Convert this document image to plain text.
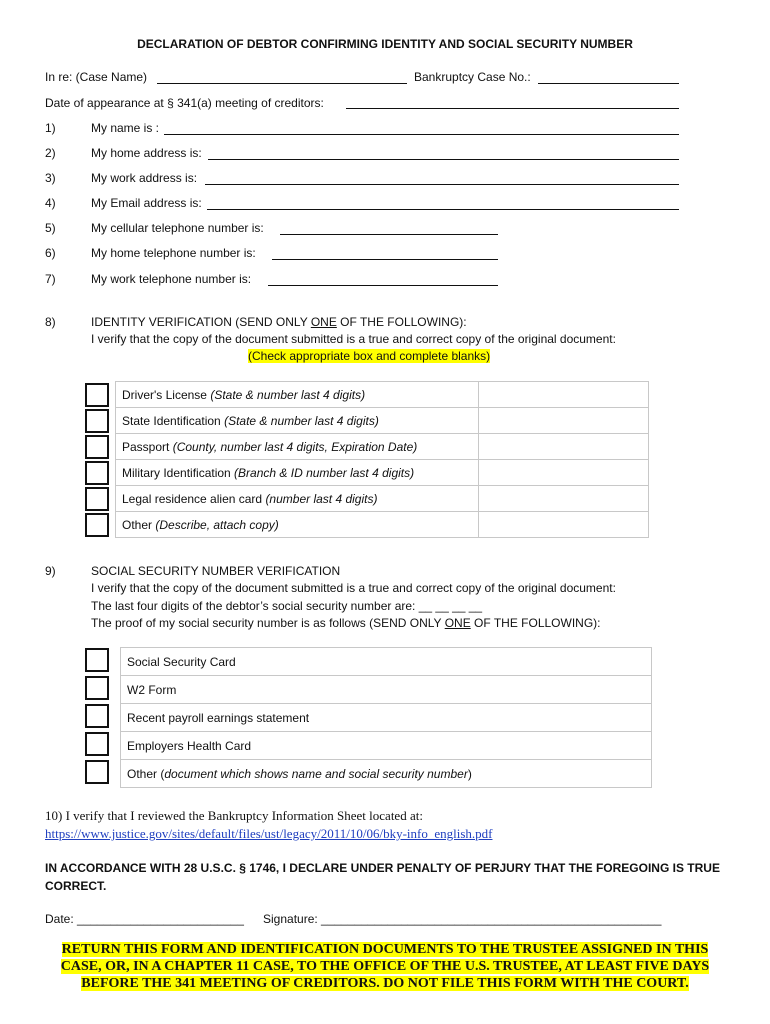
DECLARATION OF DEBTOR CONFIRMING IDENTITY AND SOCIAL SECURITY NUMBER
In re: (Case Name)	Bankruptcy Case No.:
Date of appearance at § 341(a) meeting of creditors:
1)	My name is :
2)	My home address is:
3)	My work address is:
4)	My Email address is:
5)	My cellular telephone number is:
6)	My home telephone number is:
7)	My work telephone number is:
8)	IDENTITY VERIFICATION (SEND ONLY ONE OF THE FOLLOWING):
I verify that the copy of the document submitted is a true and correct copy of the original document:
(Check appropriate box and complete blanks)
Driver's License (State & number last 4 digits)	

State Identification (State & number last 4 digits)	

Passport (County, number last 4 digits, Expiration Date)	

Military Identification (Branch & ID number last 4 digits)	

Legal residence alien card (number last 4 digits)	

Other (Describe, attach copy)	
9)	SOCIAL SECURITY NUMBER VERIFICATION
I verify that the copy of the document submitted is a true and correct copy of the original document:
The last four digits of the debtor’s social security number are: __ __ __ __
The proof of my social security number is as follows (SEND ONLY ONE OF THE FOLLOWING):
Social Security Card

W2 Form

Recent payroll earnings statement

Employers Health Card

Other (document which shows name and social security number)
10) I verify that I reviewed the Bankruptcy Information Sheet located at:
https://www.justice.gov/sites/default/files/ust/legacy/2011/10/06/bky-info_english.pdf
IN ACCORDANCE WITH 28 U.S.C. § 1746, I DECLARE UNDER PENALTY OF PERJURY THAT THE FOREGOING IS TRUE
CORRECT.
Date: _________________________ Signature: ___________________________________________________
RETURN THIS FORM AND IDENTIFICATION DOCUMENTS TO THE TRUSTEE ASSIGNED IN THIS
CASE, OR, IN A CHAPTER 11 CASE, TO THE OFFICE OF THE U.S. TRUSTEE, AT LEAST FIVE DAYS
BEFORE THE 341 MEETING OF CREDITORS. DO NOT FILE THIS FORM WITH THE COURT.
